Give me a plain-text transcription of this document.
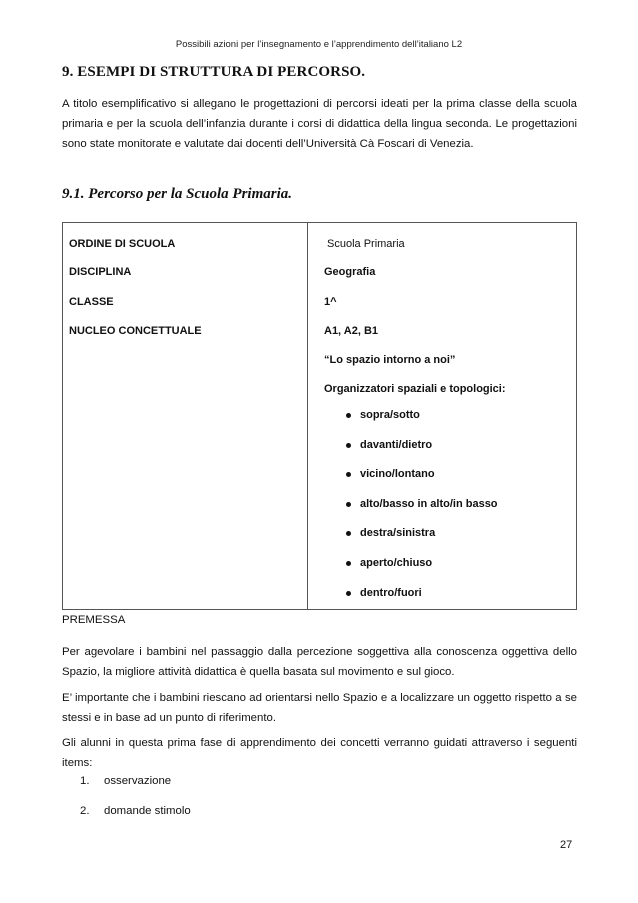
Possibili azioni per l’insegnamento e l’apprendimento dell’italiano L2
9. ESEMPI DI STRUTTURA DI PERCORSO.
A titolo esemplificativo si allegano le progettazioni di percorsi ideati per la prima classe della scuola primaria e per la scuola dell’infanzia durante i corsi di didattica della lingua seconda. Le progettazioni sono state monitorate e valutate dai docenti dell’Università Cà Foscari di Venezia.
9.1. Percorso per la Scuola Primaria.
ORDINE DI SCUOLA	Scuola Primaria
DISCIPLINA	Geografia
CLASSE	1^
NUCLEO CONCETTUALE	A1, A2, B1
“Lo spazio intorno a noi”
Organizzatori spaziali e topologici:
sopra/sotto
davanti/dietro
vicino/lontano
alto/basso in alto/in basso
destra/sinistra
aperto/chiuso
dentro/fuori
PREMESSA
Per agevolare i bambini nel passaggio dalla percezione soggettiva alla conoscenza oggettiva dello Spazio, la migliore attività didattica è quella basata sul movimento e sul gioco.
E’ importante che i bambini riescano ad orientarsi nello Spazio e a localizzare un oggetto rispetto a se stessi e in base ad un punto di riferimento.
Gli alunni in questa prima fase di apprendimento dei concetti verranno guidati attraverso i seguenti items:
1. osservazione
2. domande stimolo
27
